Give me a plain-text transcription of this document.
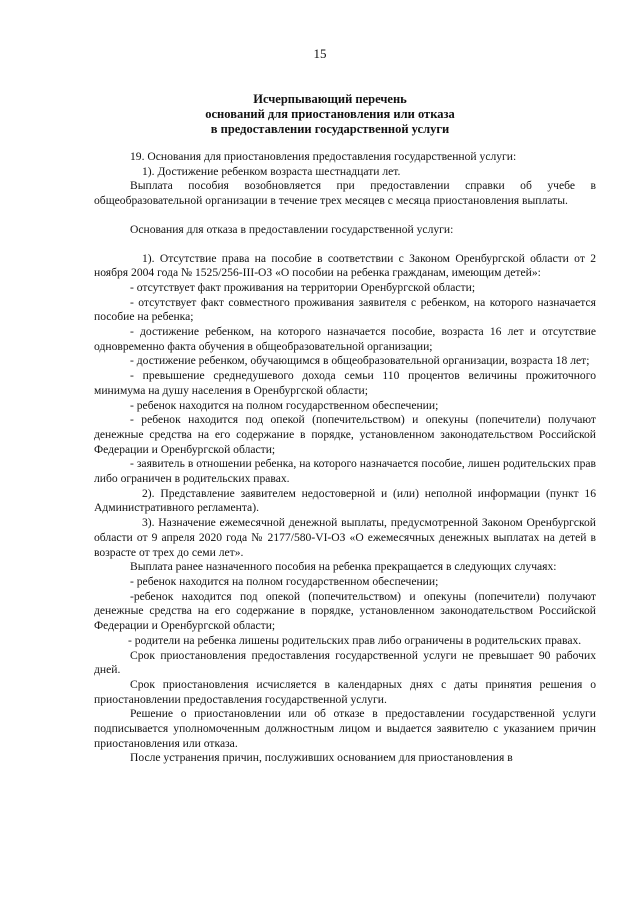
15
Исчерпывающий перечень
оснований для приостановления или отказа
в предоставлении государственной услуги

19. Основания для приостановления предоставления государственной услуги:

1). Достижение ребенком возраста шестнадцати лет.

Выплата пособия возобновляется при предоставлении справки об учебе в общеобразовательной организации в течение трех месяцев с месяца приостановления выплаты.

Основания для отказа в предоставлении государственной услуги:

1). Отсутствие права на пособие в соответствии с Законом Оренбургской области от 2 ноября 2004 года № 1525/256-III-ОЗ «О пособии на ребенка гражданам, имеющим детей»:

- отсутствует факт проживания на территории Оренбургской области;

- отсутствует факт совместного проживания заявителя с ребенком, на которого назначается пособие на ребенка;

- достижение ребенком, на которого назначается пособие, возраста 16 лет и отсутствие одновременно факта обучения в общеобразовательной организации;

- достижение ребенком, обучающимся в общеобразовательной организации, возраста 18 лет;

- превышение среднедушевого дохода семьи 110 процентов величины прожиточного минимума на душу населения в Оренбургской области;

- ребенок находится на полном государственном обеспечении;

- ребенок находится под опекой (попечительством) и опекуны (попечители) получают денежные средства на его содержание в порядке, установленном законодательством Российской Федерации и Оренбургской области;

- заявитель в отношении ребенка, на которого назначается пособие, лишен родительских прав либо ограничен в родительских правах.

2). Представление заявителем недостоверной и (или) неполной информации (пункт 16 Административного регламента).

3). Назначение ежемесячной денежной выплаты, предусмотренной Законом Оренбургской области от 9 апреля 2020 года № 2177/580-VI-ОЗ «О ежемесячных денежных выплатах на детей в возрасте от трех до семи лет».

Выплата ранее назначенного пособия на ребенка прекращается в следующих случаях:

- ребенок находится на полном государственном обеспечении;

-ребенок находится под опекой (попечительством) и опекуны (попечители) получают денежные средства на его содержание в порядке, установленном законодательством Российской Федерации и Оренбургской области;

- родители на ребенка лишены родительских прав либо ограничены в родительских правах.

Срок приостановления предоставления государственной услуги не превышает 90 рабочих дней.

Срок приостановления исчисляется в календарных днях с даты принятия решения о приостановлении предоставления государственной услуги.

Решение о приостановлении или об отказе в предоставлении государственной услуги подписывается уполномоченным должностным лицом и выдается заявителю с указанием причин приостановления или отказа.

После устранения причин, послуживших основанием для приостановления в
